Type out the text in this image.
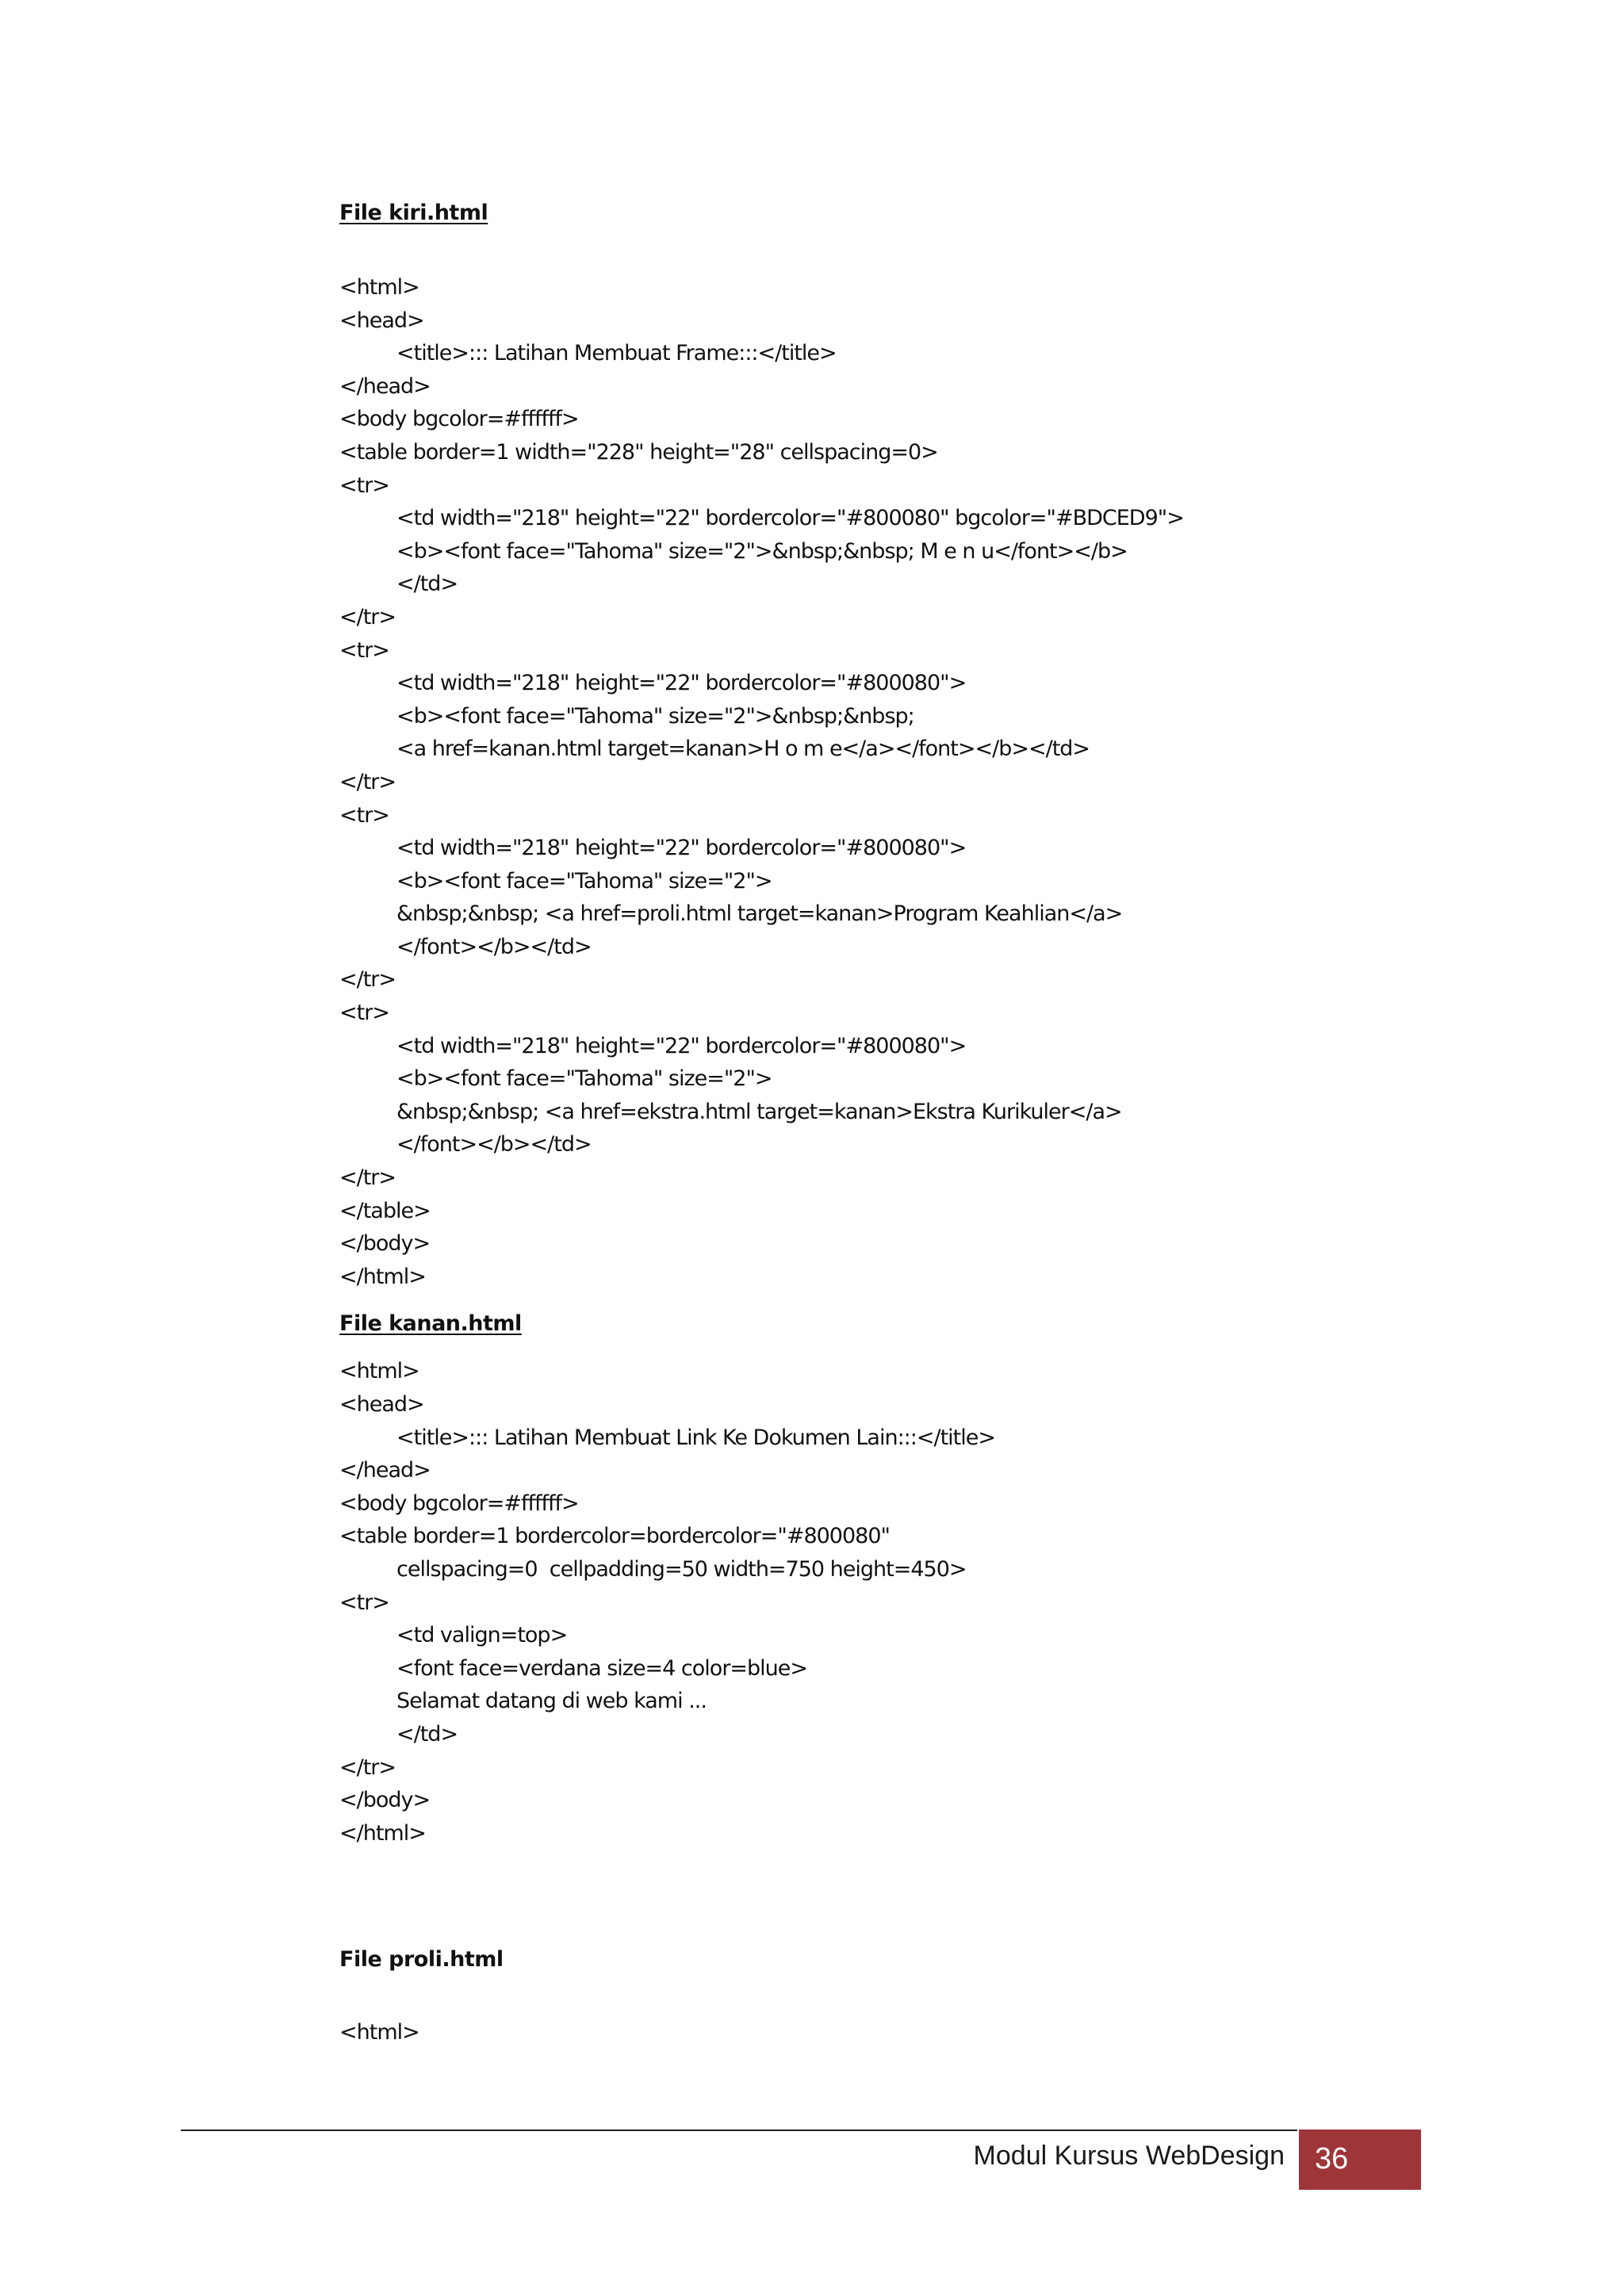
File kiri.html
<html>
<head>
<title>::: Latihan Membuat Frame:::</title>
</head>
<body bgcolor=#ffffff>
<table border=1 width="228" height="28" cellspacing=0>
<tr>
<td width="218" height="22" bordercolor="#800080" bgcolor="#BDCED9">
<b><font face="Tahoma" size="2">&nbsp;&nbsp; M e n u</font></b>
</td>
</tr>
<tr>
<td width="218" height="22" bordercolor="#800080">
<b><font face="Tahoma" size="2">&nbsp;&nbsp;
<a href=kanan.html target=kanan>H o m e</a></font></b></td>
</tr>
<tr>
<td width="218" height="22" bordercolor="#800080">
<b><font face="Tahoma" size="2">
&nbsp;&nbsp; <a href=proli.html target=kanan>Program Keahlian</a>
</font></b></td>
</tr>
<tr>
<td width="218" height="22" bordercolor="#800080">
<b><font face="Tahoma" size="2">
&nbsp;&nbsp; <a href=ekstra.html target=kanan>Ekstra Kurikuler</a>
</font></b></td>
</tr>
</table>
</body>
</html>
File kanan.html
<html>
<head>
<title>::: Latihan Membuat Link Ke Dokumen Lain:::</title>
</head>
<body bgcolor=#ffffff>
<table border=1 bordercolor=bordercolor="#800080"
cellspacing=0  cellpadding=50 width=750 height=450>
<tr>
<td valign=top>
<font face=verdana size=4 color=blue>
Selamat datang di web kami ...
</td>
</tr>
</body>
</html>
File proli.html
<html>
Modul Kursus WebDesign 36
